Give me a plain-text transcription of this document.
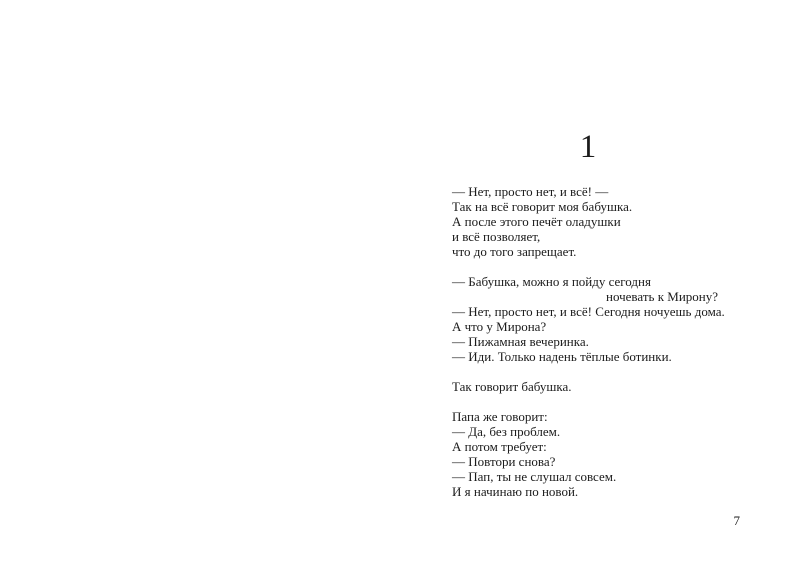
1
— Нет, просто нет, и всё! —
Так на всё говорит моя бабушка.
А после этого печёт оладушки
и всё позволяет,
что до того запрещает.
— Бабушка, можно я пойду сегодня
ночевать к Мирону?
— Нет, просто нет, и всё! Сегодня ночуешь дома.
А что у Мирона?
— Пижамная вечеринка.
— Иди. Только надень тёплые ботинки.
Так говорит бабушка.
Папа же говорит:
— Да, без проблем.
А потом требует:
— Повтори снова?
— Пап, ты не слушал совсем.
И я начинаю по новой.
7
